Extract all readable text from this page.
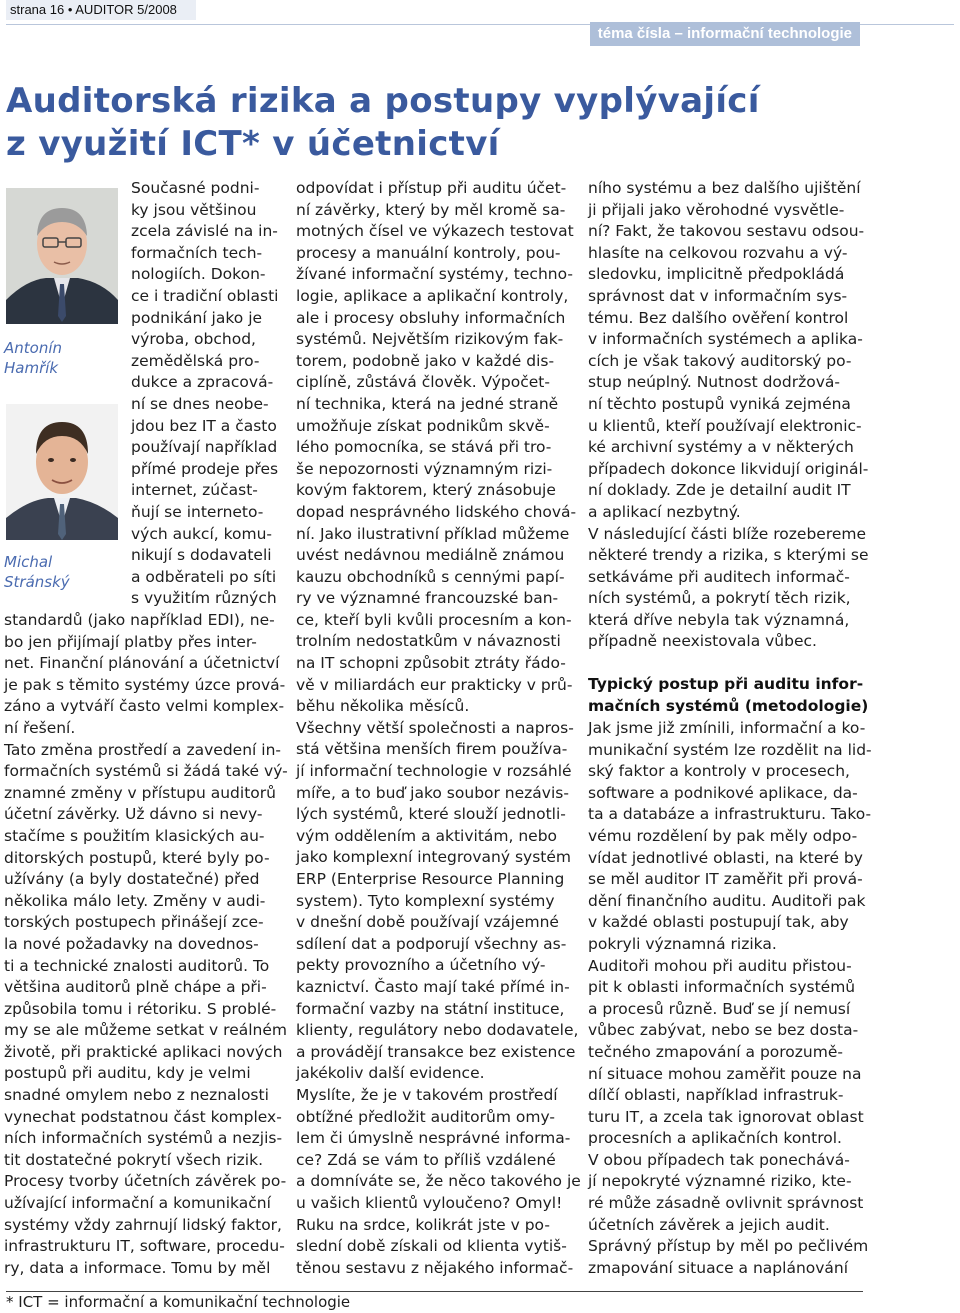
strana 16 • AUDITOR 5/2008
téma čísla – informační technologie
Auditorská rizika a postupy vyplývající
z využití ICT* v účetnictví
Antonín
Hamřík
Michal
Stránský

Současné podni-
ky jsou většinou
zcela závislé na in-
formačních tech-
nologiích. Dokon-
ce i tradiční oblasti
podnikání jako je
výroba, obchod,
zemědělská pro-
dukce a zpracová-
ní se dnes neobe-
jdou bez IT a často
používají například
přímé prodeje přes
internet, zúčast-
ňují se interneto-
vých aukcí, komu-
nikují s dodavateli
a odběrateli po síti
s využitím různých

standardů (jako například EDI), ne-
bo jen přijímají platby přes inter-
net. Finanční plánování a účetnictví
je pak s těmito systémy úzce prová-
záno a vytváří často velmi komplex-
ní řešení.
Tato změna prostředí a zavedení in-
formačních systémů si žádá také vý-
znamné změny v přístupu auditorů
účetní závěrky. Už dávno si nevy-
stačíme s použitím klasických au-
ditorských postupů, které byly po-
užívány (a byly dostatečné) před
několika málo lety. Změny v audi-
torských postupech přinášejí zce-
la nové požadavky na dovednos-
ti a technické znalosti auditorů. To
většina auditorů plně chápe a při-
způsobila tomu i rétoriku. S problé-
my se ale můžeme setkat v reálném
životě, při praktické aplikaci nových
postupů při auditu, kdy je velmi
snadné omylem nebo z neznalosti
vynechat podstatnou část komplex-
ních informačních systémů a nezjis-
tit dostatečné pokrytí všech rizik.
Procesy tvorby účetních závěrek po-
užívající informační a komunikační
systémy vždy zahrnují lidský faktor,
infrastrukturu IT, software, procedu-
ry, data a informace. Tomu by měl

odpovídat i přístup při auditu účet-
ní závěrky, který by měl kromě sa-
motných čísel ve výkazech testovat
procesy a manuální kontroly, pou-
žívané informační systémy, techno-
logie, aplikace a aplikační kontroly,
ale i procesy obsluhy informačních
systémů. Největším rizikovým fak-
torem, podobně jako v každé dis-
ciplíně, zůstává člověk. Výpočet-
ní technika, která na jedné straně
umožňuje získat podnikům skvě-
lého pomocníka, se stává při tro-
še nepozornosti významným rizi-
kovým faktorem, který znásobuje
dopad nesprávného lidského chová-
ní. Jako ilustrativní příklad můžeme
uvést nedávnou mediálně známou
kauzu obchodníků s cennými papí-
ry ve významné francouzské ban-
ce, kteří byli kvůli procesním a kon-
trolním nedostatkům v návaznosti
na IT schopni způsobit ztráty řádo-
vě v miliardách eur prakticky v prů-
běhu několika měsíců.
Všechny větší společnosti a napros-
stá většina menších firem používa-
jí informační technologie v rozsáhlé
míře, a to buď jako soubor nezávis-
lých systémů, které slouží jednotli-
vým oddělením a aktivitám, nebo
jako komplexní integrovaný systém
ERP (Enterprise Resource Planning
system). Tyto komplexní systémy
v dnešní době používají vzájemné
sdílení dat a podporují všechny as-
pekty provozního a účetního vý-
kaznictví. Často mají také přímé in-
formační vazby na státní instituce,
klienty, regulátory nebo dodavatele,
a provádějí transakce bez existence
jakékoliv další evidence.
Myslíte, že je v takovém prostředí
obtížné předložit auditorům omy-
lem či úmyslně nesprávné informa-
ce? Zdá se vám to příliš vzdálené
a domníváte se, že něco takového je
u vašich klientů vyloučeno? Omyl!
Ruku na srdce, kolikrát jste v po-
slední době získali od klienta vytiš-
těnou sestavu z nějakého informač-

ního systému a bez dalšího ujištění
ji přijali jako věrohodné vysvětle-
ní? Fakt, že takovou sestavu odsou-
hlasíte na celkovou rozvahu a vý-
sledovku, implicitně předpokládá
správnost dat v informačním sys-
tému. Bez dalšího ověření kontrol
v informačních systémech a aplika-
cích je však takový auditorský po-
stup neúplný. Nutnost dodržová-
ní těchto postupů vyniká zejména
u klientů, kteří používají elektronic-
ké archivní systémy a v některých
případech dokonce likvidují originál-
ní doklady. Zde je detailní audit IT
a aplikací nezbytný.
V následující části blíže rozebereme
některé trendy a rizika, s kterými se
setkáváme při auditech informač-
ních systémů, a pokrytí těch rizik,
která dříve nebyla tak významná,
případně neexistovala vůbec.

Typický postup při auditu infor-
mačních systémů (metodologie)

Jak jsme již zmínili, informační a ko-
munikační systém lze rozdělit na lid-
ský faktor a kontroly v procesech,
software a podnikové aplikace, da-
ta a databáze a infrastrukturu. Tako-
vému rozdělení by pak měly odpo-
vídat jednotlivé oblasti, na které by
se měl auditor IT zaměřit při prová-
dění finančního auditu. Auditoři pak
v každé oblasti postupují tak, aby
pokryli významná rizika.
Auditoři mohou při auditu přistou-
pit k oblasti informačních systémů
a procesů různě. Buď se jí nemusí
vůbec zabývat, nebo se bez dosta-
tečného zmapování a porozumě-
ní situace mohou zaměřit pouze na
dílčí oblasti, například infrastruk-
turu IT, a zcela tak ignorovat oblast
procesních a aplikačních kontrol.
V obou případech tak ponechává-
jí nepokryté významné riziko, kte-
ré může zásadně ovlivnit správnost
účetních závěrek a jejich audit.
Správný přístup by měl po pečlivém
zmapování situace a naplánování

* ICT = informační a komunikační technologie
